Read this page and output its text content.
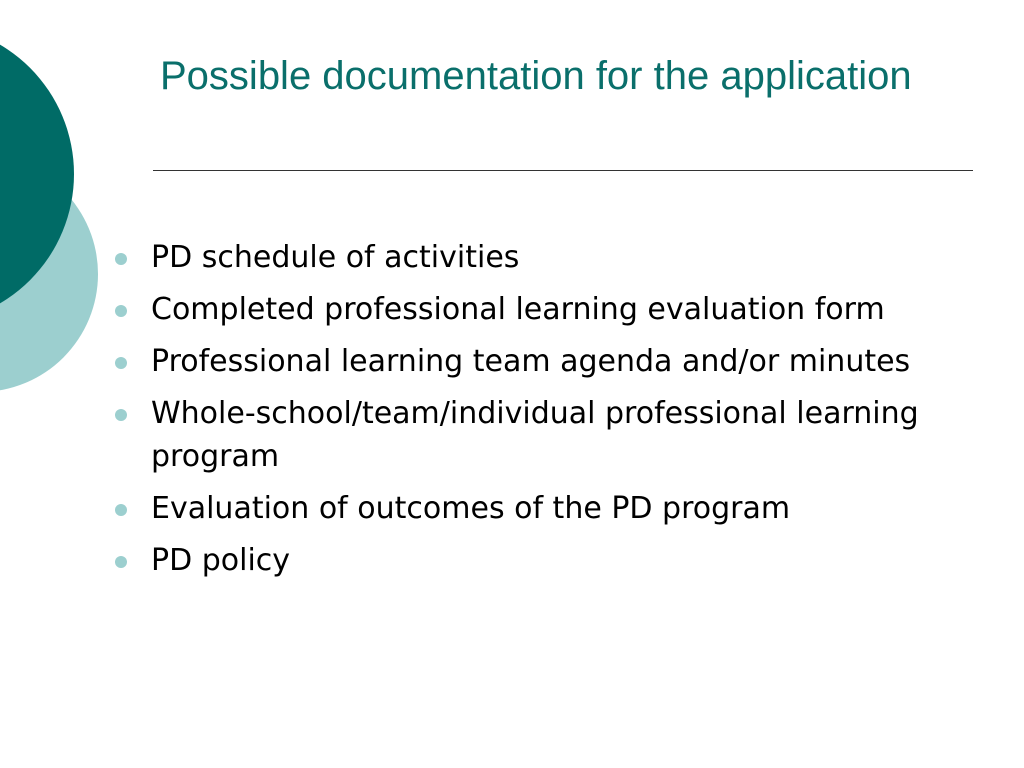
Possible documentation for the application
PD schedule of activities
Completed professional learning evaluation form
Professional learning team agenda and/or minutes
Whole-school/team/individual professional learning program
Evaluation of outcomes of the PD program
PD policy
